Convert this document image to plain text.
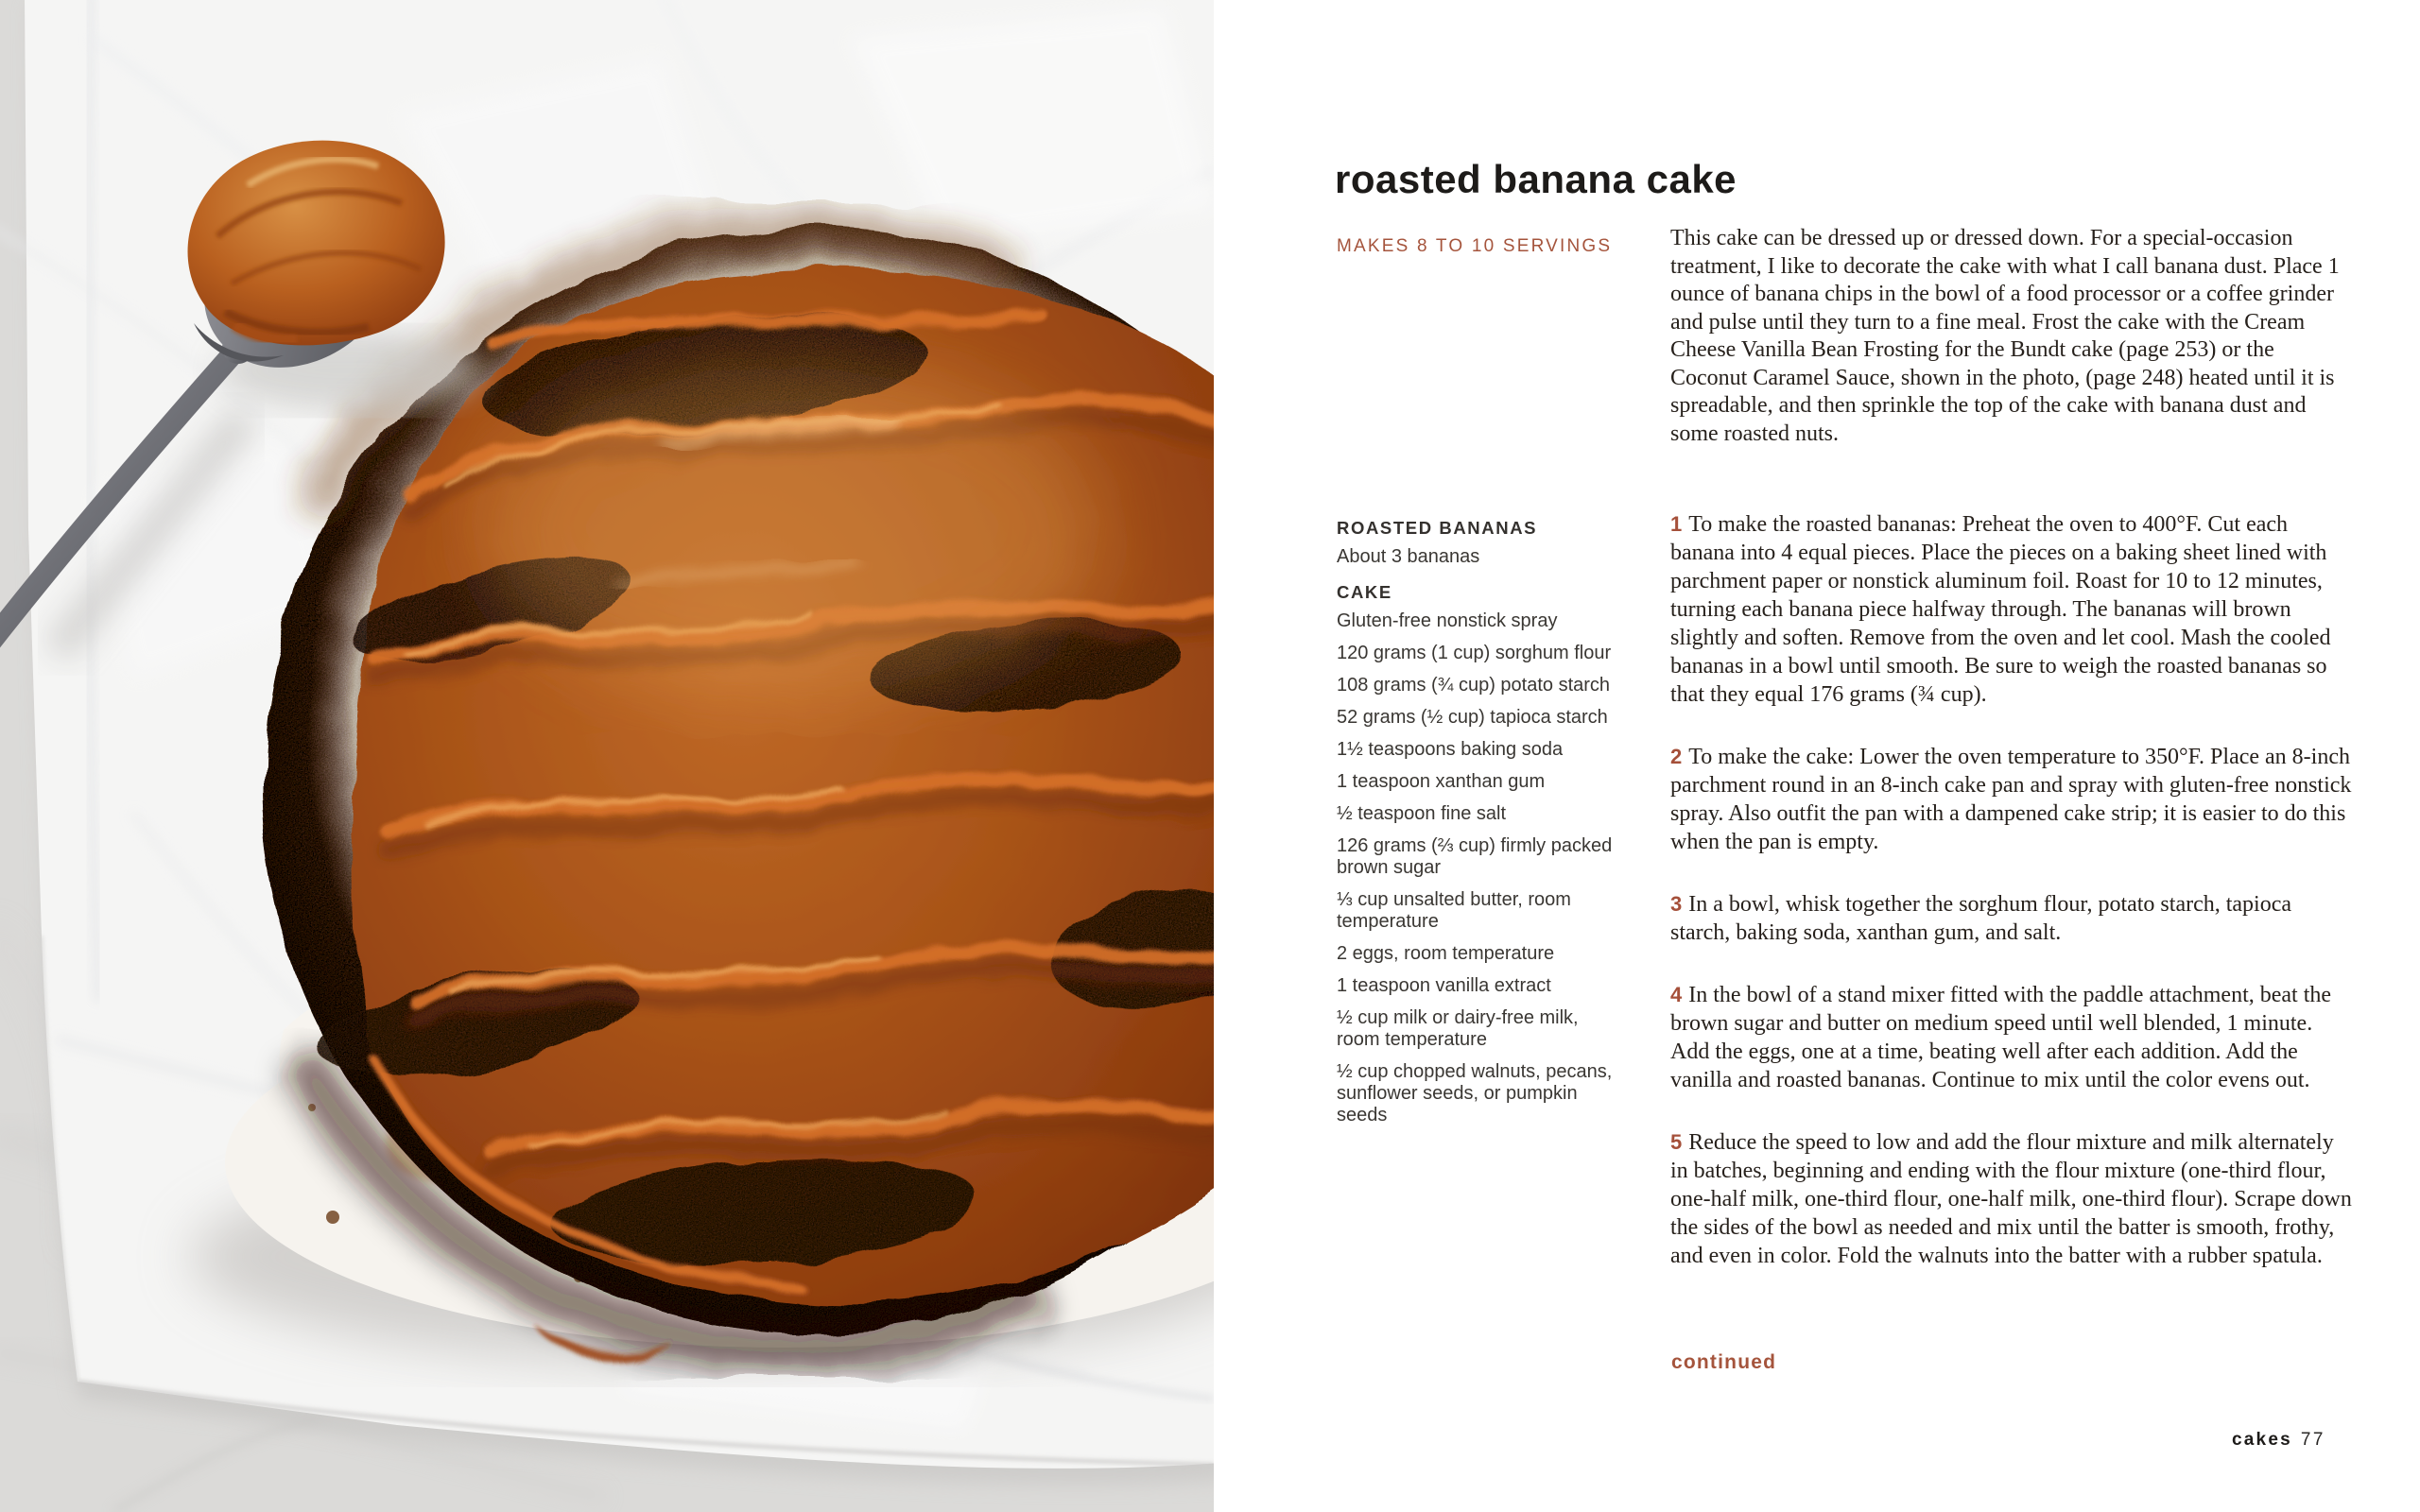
roasted banana cake
MAKES 8 TO 10 SERVINGS	This cake can be dressed up or dressed down. For a special-occasion treatment, I like to decorate the cake with what I call banana dust. Place 1 ounce of banana chips in the bowl of a food processor or a coffee grinder and pulse until they turn to a fine meal. Frost the cake with the Cream Cheese Vanilla Bean Frosting for the Bundt cake (page 253) or the Coconut Caramel Sauce, shown in the photo, (page 248) heated until it is spreadable, and then sprinkle the top of the cake with banana dust and some roasted nuts.
ROASTED BANANAS
About 3 bananas
CAKE
Gluten-free nonstick spray
120 grams (1 cup) sorghum flour
108 grams (¾ cup) potato starch
52 grams (½ cup) tapioca starch
1½ teaspoons baking soda
1 teaspoon xanthan gum
½ teaspoon fine salt
126 grams (⅔ cup) firmly packed brown sugar
⅓ cup unsalted butter, room temperature
2 eggs, room temperature
1 teaspoon vanilla extract
½ cup milk or dairy-free milk, room temperature
½ cup chopped walnuts, pecans, sunflower seeds, or pumpkin seeds

1 To make the roasted bananas: Preheat the oven to 400°F. Cut each banana into 4 equal pieces. Place the pieces on a baking sheet lined with parchment paper or nonstick aluminum foil. Roast for 10 to 12 minutes, turning each banana piece halfway through. The bananas will brown slightly and soften. Remove from the oven and let cool. Mash the cooled bananas in a bowl until smooth. Be sure to weigh the roasted bananas so that they equal 176 grams (¾ cup).

2 To make the cake: Lower the oven temperature to 350°F. Place an 8-inch parchment round in an 8-inch cake pan and spray with gluten-free nonstick spray. Also outfit the pan with a dampened cake strip; it is easier to do this when the pan is empty.

3 In a bowl, whisk together the sorghum flour, potato starch, tapioca starch, baking soda, xanthan gum, and salt.

4 In the bowl of a stand mixer fitted with the paddle attachment, beat the brown sugar and butter on medium speed until well blended, 1 minute. Add the eggs, one at a time, beating well after each addition. Add the vanilla and roasted bananas. Continue to mix until the color evens out.

5 Reduce the speed to low and add the flour mixture and milk alternately in batches, beginning and ending with the flour mixture (one-third flour, one-half milk, one-third flour, one-half milk, one-third flour). Scrape down the sides of the bowl as needed and mix until the batter is smooth, frothy, and even in color. Fold the walnuts into the batter with a rubber spatula.

continued
cakes 77
